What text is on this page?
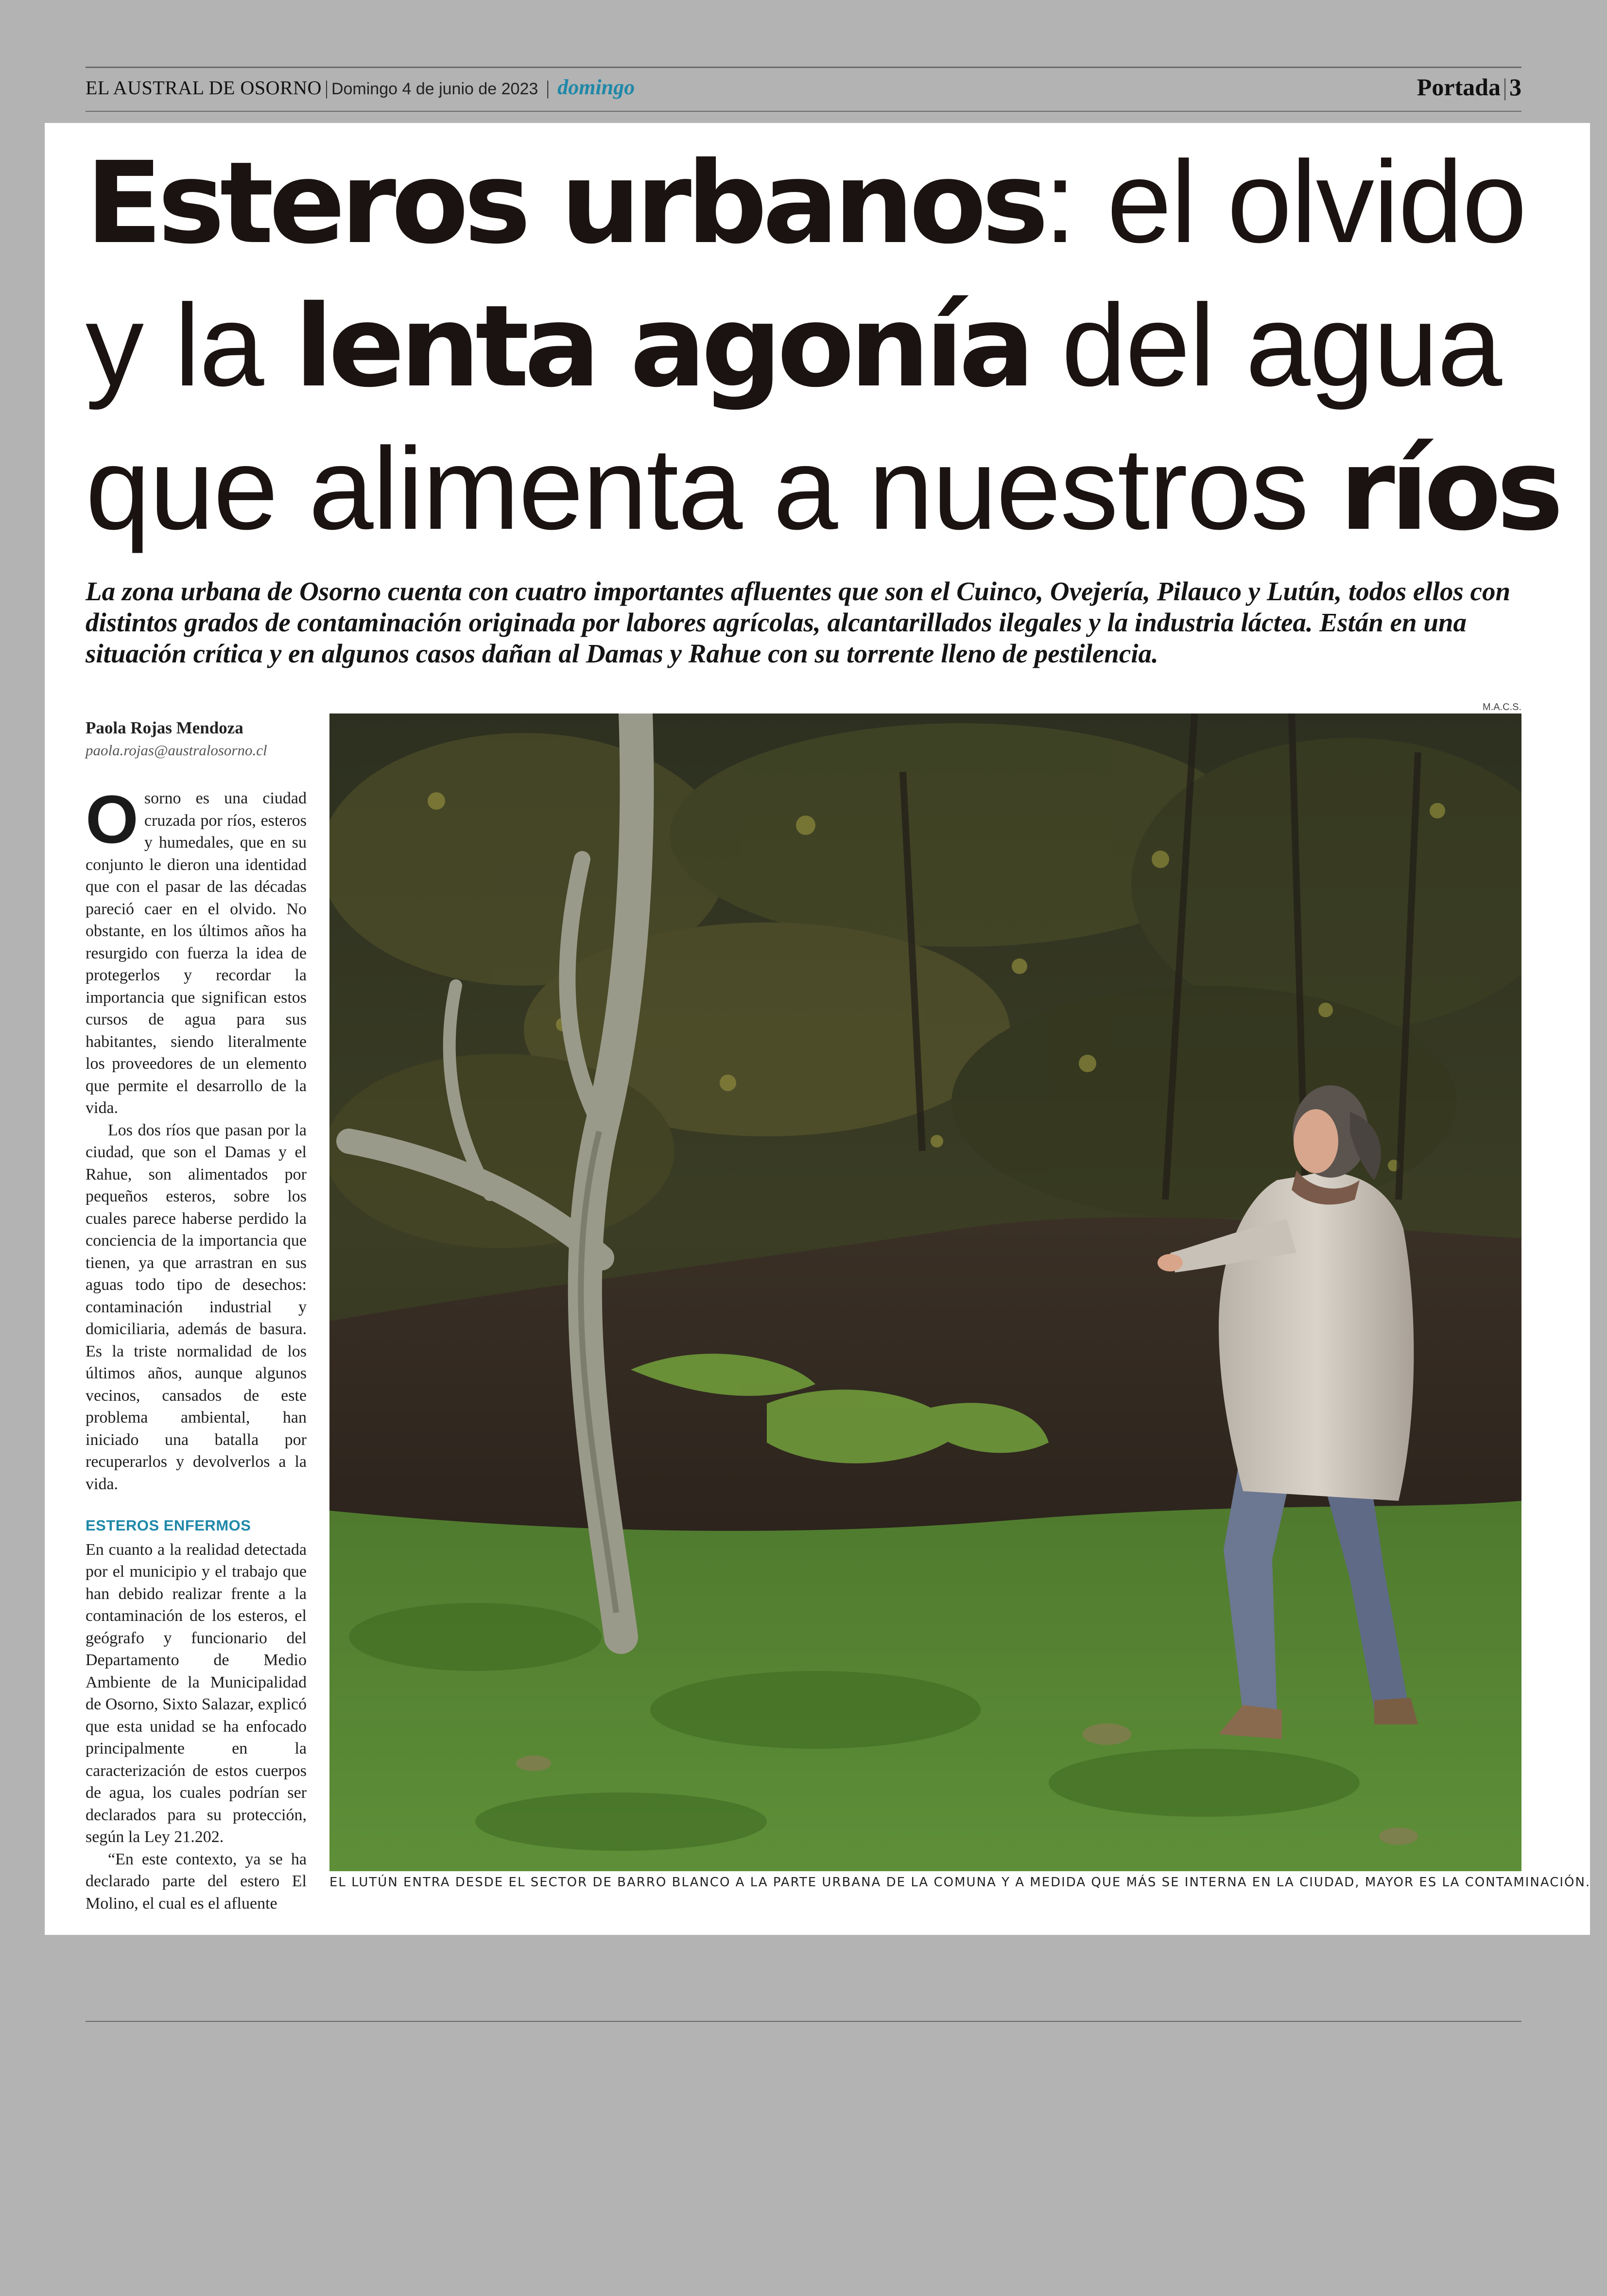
EL AUSTRAL DE OSORNO | Domingo 4 de junio de 2023 | domingo	Portada|3
Esteros urbanos: el olvido
y la lenta agonía del agua
que alimenta a nuestros ríos

La zona urbana de Osorno cuenta con cuatro importantes afluentes que son el Cuinco, Ovejería, Pilauco y Lutún, todos ellos con distintos grados de contaminación originada por labores agrícolas, alcantarillados ilegales y la industria láctea. Están en una situación crítica y en algunos casos dañan al Damas y Rahue con su torrente lleno de pestilencia.

Paola Rojas Mendoza
paola.rojas@australosorno.cl

Osorno es una ciudad cruzada por ríos, esteros y humedales, que en su conjunto le dieron una identidad que con el pasar de las décadas pareció caer en el olvido. No obstante, en los últimos años ha resurgido con fuerza la idea de protegerlos y recordar la importancia que significan estos cursos de agua para sus habitantes, siendo literalmente los proveedores de un elemento que permite el desarrollo de la vida.

Los dos ríos que pasan por la ciudad, que son el Damas y el Rahue, son alimentados por pequeños esteros, sobre los cuales parece haberse perdido la conciencia de la importancia que tienen, ya que arrastran en sus aguas todo tipo de desechos: contaminación industrial y domiciliaria, además de basura. Es la triste normalidad de los últimos años, aunque algunos vecinos, cansados de este problema ambiental, han iniciado una batalla por recuperarlos y devolverlos a la vida.

ESTEROS ENFERMOS

En cuanto a la realidad detectada por el municipio y el trabajo que han debido realizar frente a la contaminación de los esteros, el geógrafo y funcionario del Departamento de Medio Ambiente de la Municipalidad de Osorno, Sixto Salazar, explicó que esta unidad se ha enfocado principalmente en la caracterización de estos cuerpos de agua, los cuales podrían ser declarados para su protección, según la Ley 21.202.

“En este contexto, ya se ha declarado parte del estero El Molino, el cual es el afluente

M.A.C.S.
EL LUTÚN ENTRA DESDE EL SECTOR DE BARRO BLANCO A LA PARTE URBANA DE LA COMUNA Y A MEDIDA QUE MÁS SE INTERNA EN LA CIUDAD, MAYOR ES LA CONTAMINACIÓN.
